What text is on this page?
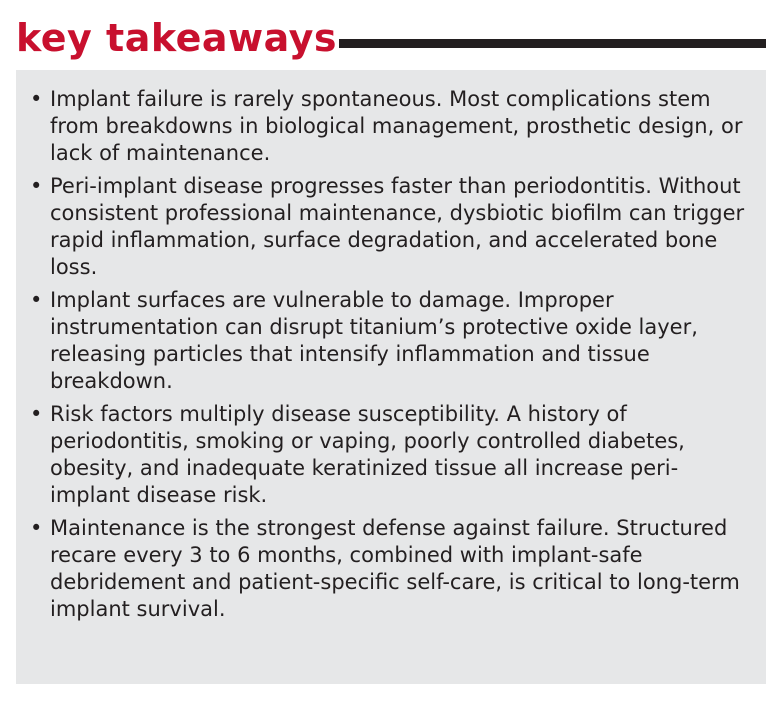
key takeaways
• Implant failure is rarely spontaneous. Most complications stem from breakdowns in biological management, prosthetic design, or lack of maintenance.
• Peri-implant disease progresses faster than periodontitis. Without consistent professional maintenance, dysbiotic biofilm can trigger rapid inflammation, surface degradation, and accelerated bone loss.
• Implant surfaces are vulnerable to damage. Improper instrumentation can disrupt titanium’s protective oxide layer, releasing particles that intensify inflammation and tissue breakdown.
• Risk factors multiply disease susceptibility. A history of periodontitis, smoking or vaping, poorly controlled diabetes, obesity, and inadequate keratinized tissue all increase peri-implant disease risk.
• Maintenance is the strongest defense against failure. Structured recare every 3 to 6 months, combined with implant-safe debridement and patient-specific self-care, is critical to long-term implant survival.
